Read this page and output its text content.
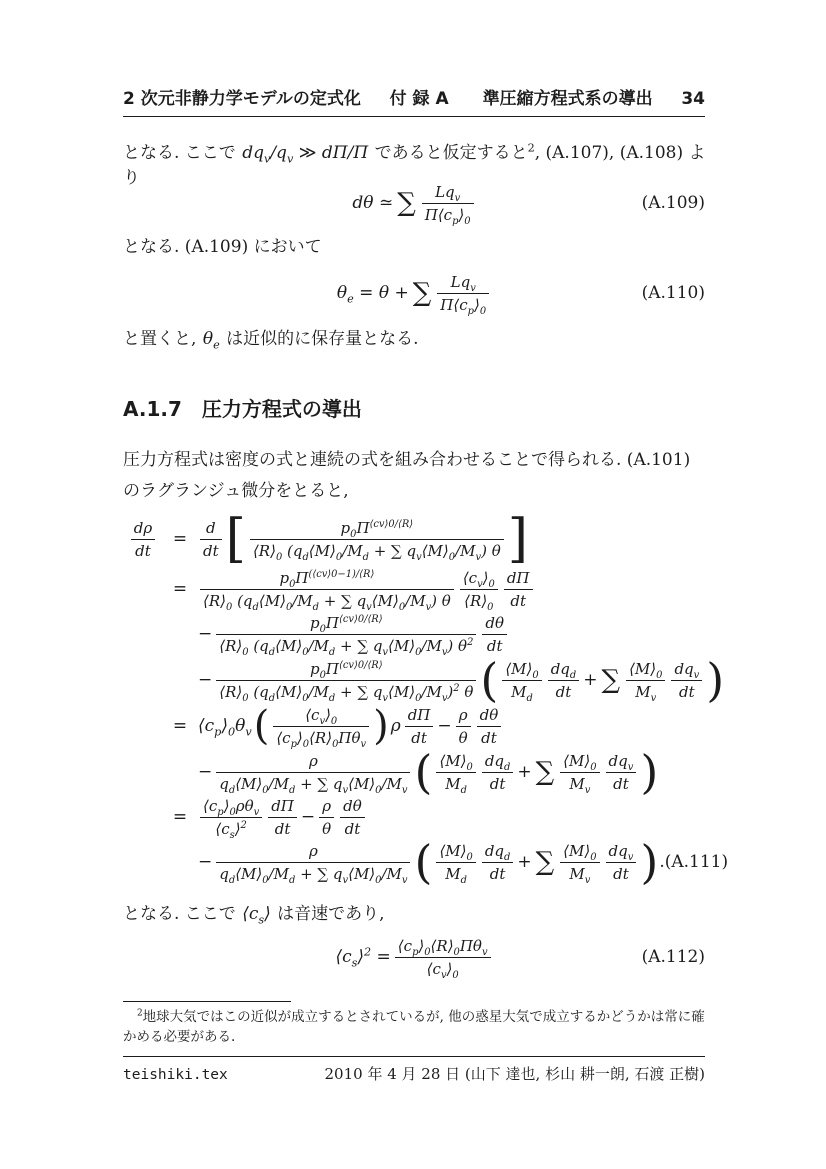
2 次元非静力学モデルの定式化 付 録 A　　準圧縮方程式系の導出 34

となる. ここで $dq_v/q_v$ ≫ dΠ/Π であると仮定すると$^2$, (A.107), (A.108) より

dθ ≃ ∑ $\frac{Lq_v}{\Pi⟨c_p⟩_0}$	(A.109)

となる. (A.109) において

$\theta_e = \theta$ + ∑ $\frac{Lq_v}{\Pi⟨c_p⟩_0}$	(A.110)

と置くと, $\theta_e$ は近似的に保存量となる.

A.1.7 圧力方程式の導出

圧力方程式は密度の式と連続の式を組み合わせることで得られる. (A.101) のラグランジュ微分をとると,

$\frac{d\rho}{dt}$	= $\frac{d}{dt}$ [ $\frac{p_0\Pi^{⟨cv⟩0/⟨R⟩}}{⟨R⟩_0 (q_d⟨M⟩_0/M_d + \sum q_v⟨M⟩_0/M_v) \theta}$ ]
= $\frac{p_0\Pi^{(⟨cv⟩0-1)/⟨R⟩}}{⟨R⟩_0 (q_d⟨M⟩_0/M_d + \sum q_v⟨M⟩_0/M_v) \theta} \frac{⟨c_v⟩_0}{⟨R⟩_0} \frac{d\Pi}{dt}$
− $\frac{p_0\Pi^{⟨cv⟩0/⟨R⟩}}{⟨R⟩_0 (q_d⟨M⟩_0/M_d + \sum q_v⟨M⟩_0/M_v) \theta^2} \frac{d\theta}{dt}$
− $\frac{p_0\Pi^{⟨cv⟩0/⟨R⟩}}{⟨R⟩_0 (q_d⟨M⟩_0/M_d + \sum q_v⟨M⟩_0/M_v)^2 \theta}$ ( $\frac{⟨M⟩_0}{M_d} \frac{dq_d}{dt}$ + ∑ $\frac{⟨M⟩_0}{M_v} \frac{dq_v}{dt}$ )
= $⟨c_p⟩_0\theta_v$ ( $\frac{⟨c_v⟩_0}{⟨c_p⟩_0⟨R⟩_0\Pi\theta_v}$ ) ρ $\frac{d\Pi}{dt} - \frac{\rho}{\theta} \frac{d\theta}{dt}$
− $\frac{\rho}{q_d⟨M⟩_0/M_d + \sum q_v⟨M⟩_0/M_v}$ ( $\frac{⟨M⟩_0}{M_d} \frac{dq_d}{dt}$ + ∑ $\frac{⟨M⟩_0}{M_v} \frac{dq_v}{dt}$ )
= $\frac{⟨c_p⟩_0\rho\theta_v}{⟨c_s⟩^2} \frac{d\Pi}{dt} - \frac{\rho}{\theta} \frac{d\theta}{dt}$
− $\frac{\rho}{q_d⟨M⟩_0/M_d + \sum q_v⟨M⟩_0/M_v}$ ( $\frac{⟨M⟩_0}{M_d} \frac{dq_d}{dt}$ + ∑ $\frac{⟨M⟩_0}{M_v} \frac{dq_v}{dt}$ ) . (A.111)

となる. ここで $⟨c_s⟩$ は音速であり,

$⟨c_s⟩^2 = \frac{⟨c_p⟩_0⟨R⟩_0\Pi\theta_v}{⟨c_v⟩_0}$	(A.112)

$^2$地球大気ではこの近似が成立するとされているが, 他の惑星大気で成立するかどうかは常に確かめる必要がある.

teishiki.tex	2010 年 4 月 28 日 (山下 達也, 杉山 耕一朗, 石渡 正樹)
